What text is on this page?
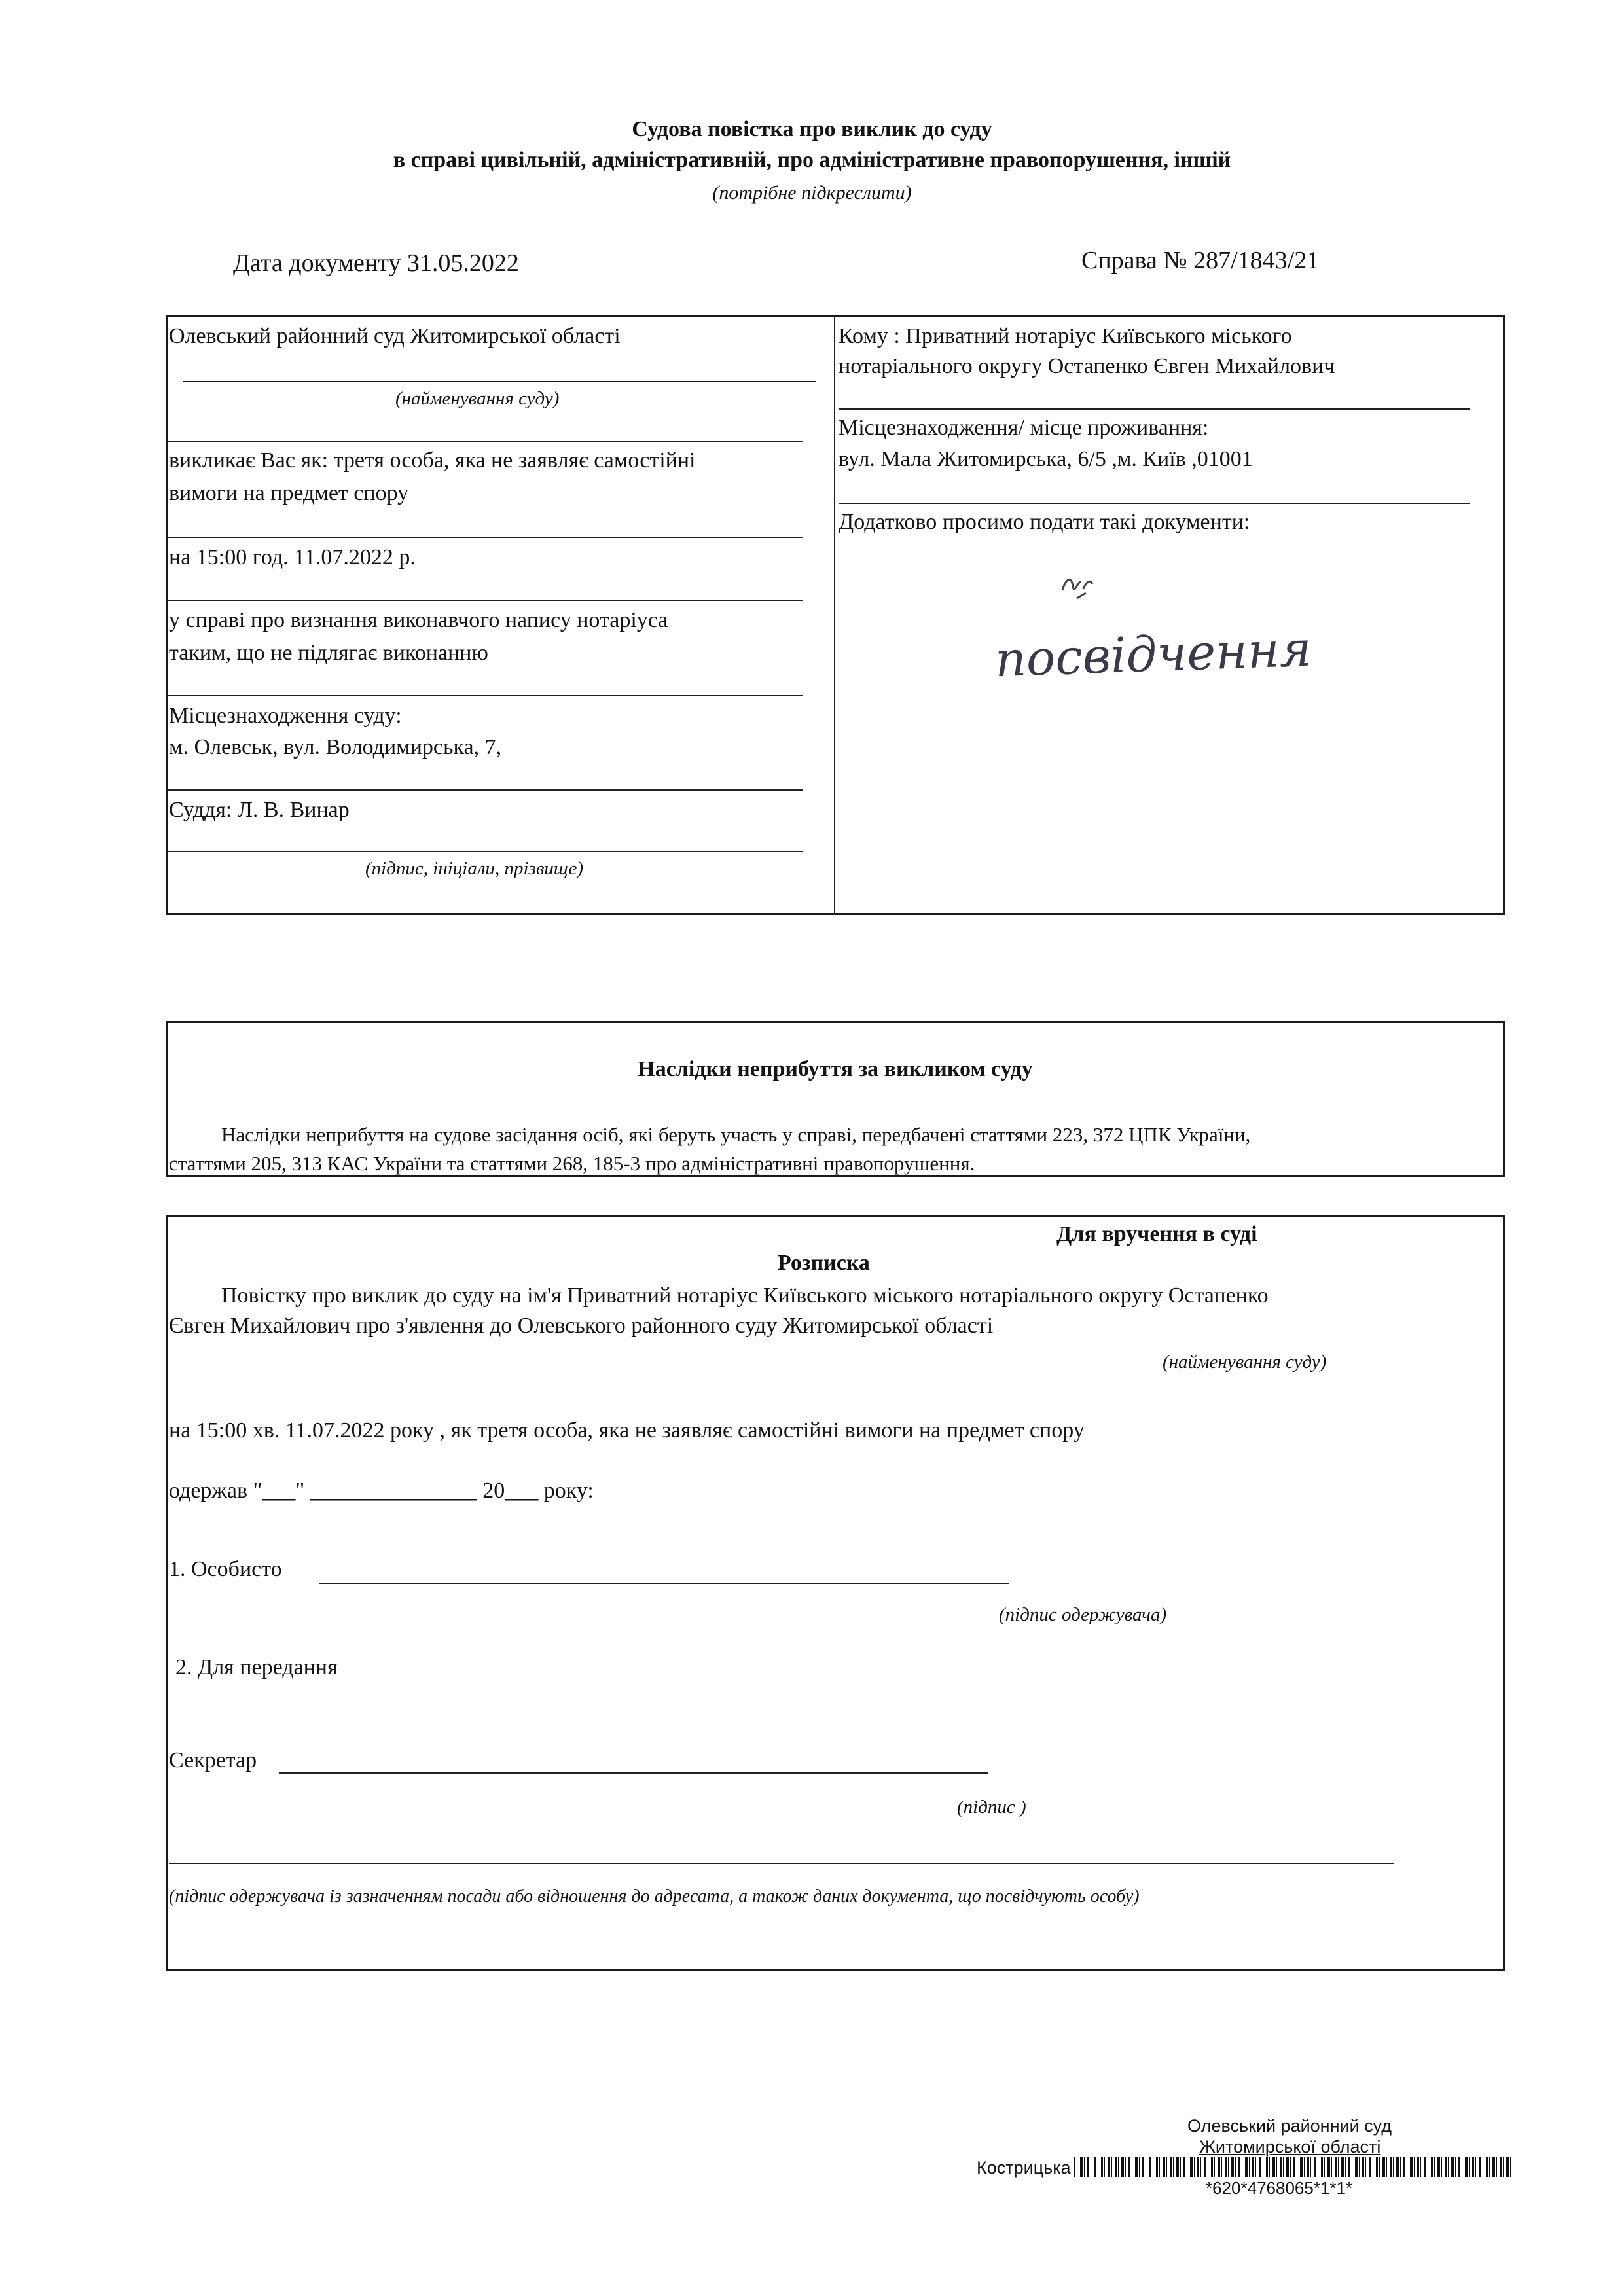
Судова повістка про виклик до суду
в справі цивільній, адміністративній, про адміністративне правопорушення, іншій
(потрібне підкреслити)
Дата документу 31.05.2022	Справа № 287/1843/21
Олевський районний суд Житомирської області
(найменування суду)
викликає Вас як: третя особа, яка не заявляє самостійні
вимоги на предмет спору
на 15:00 год. 11.07.2022 р.
у справі про визнання виконавчого напису нотаріуса
таким, що не підлягає виконанню
Місцезнаходження суду:
м. Олевськ, вул. Володимирська, 7,
Суддя: Л. В. Винар
(підпис, ініціали, прізвище)
Кому : Приватний нотаріус Київського міського
нотаріального округу Остапенко Євген Михайлович
Місцезнаходження/ місце проживання:
вул. Мала Житомирська, 6/5 ,м. Київ ,01001
Додатково просимо подати такі документи:
посвідчення
Наслідки неприбуття за викликом суду
Наслідки неприбуття на судове засідання осіб, які беруть участь у справі, передбачені статтями 223, 372 ЦПК України,
статтями 205, 313 КАС України та статтями 268, 185-3 про адміністративні правопорушення.
Для вручення в суді
Розписка
Повістку про виклик до суду на ім'я Приватний нотаріус Київського міського нотаріального округу Остапенко
Євген Михайлович про з'явлення до Олевського районного суду Житомирської області
(найменування суду)
на 15:00 хв. 11.07.2022 року , як третя особа, яка не заявляє самостійні вимоги на предмет спору
одержав "___" _______________ 20___ року:
1. Особисто
(підпис одержувача)
2. Для передання
Секретар
(підпис )
(підпис одержувача із зазначенням посади або відношення до адресата, а також даних документа, що посвідчують особу)
Олевський районний суд
Житомирської області
Кострицька
*620*4768065*1*1*
